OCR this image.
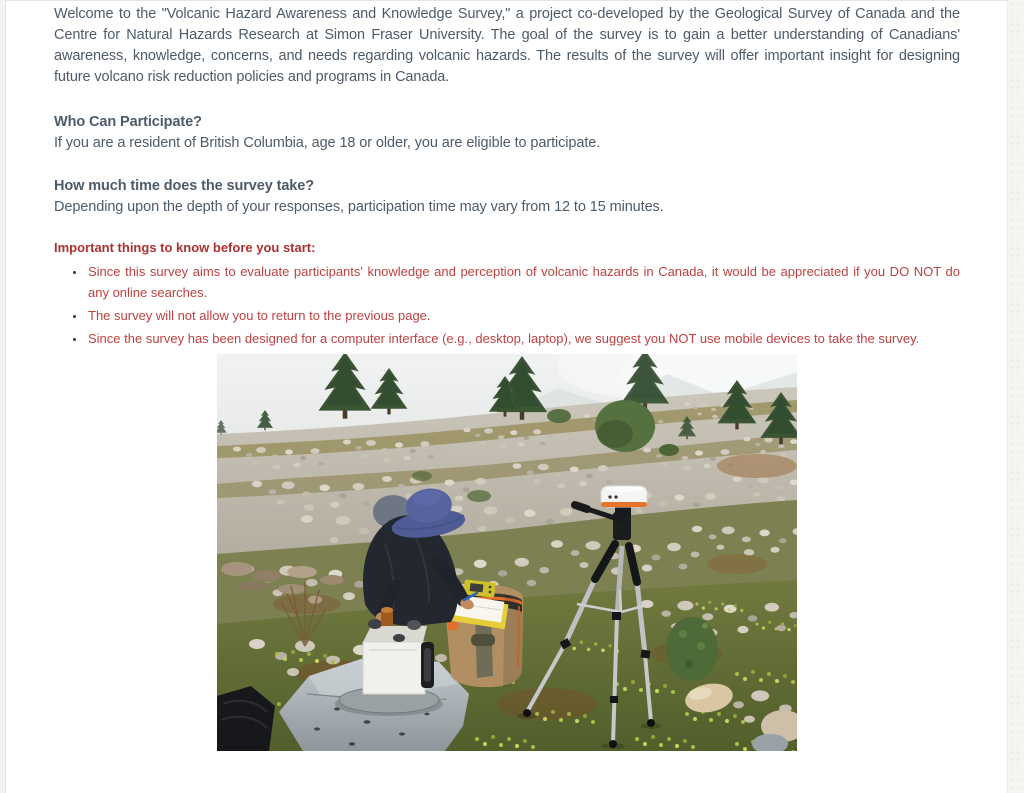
Welcome to the "Volcanic Hazard Awareness and Knowledge Survey," a project co-developed by the Geological Survey of Canada and the Centre for Natural Hazards Research at Simon Fraser University. The goal of the survey is to gain a better understanding of Canadians' awareness, knowledge, concerns, and needs regarding volcanic hazards. The results of the survey will offer important insight for designing future volcano risk reduction policies and programs in Canada.

Who Can Participate?

If you are a resident of British Columbia, age 18 or older, you are eligible to participate.

How much time does the survey take?

Depending upon the depth of your responses, participation time may vary from 12 to 15 minutes.

Important things to know before you start:

• Since this survey aims to evaluate participants' knowledge and perception of volcanic hazards in Canada, it would be appreciated if you DO NOT do any online searches.
• The survey will not allow you to return to the previous page.
• Since the survey has been designed for a computer interface (e.g., desktop, laptop), we suggest you NOT use mobile devices to take the survey.
